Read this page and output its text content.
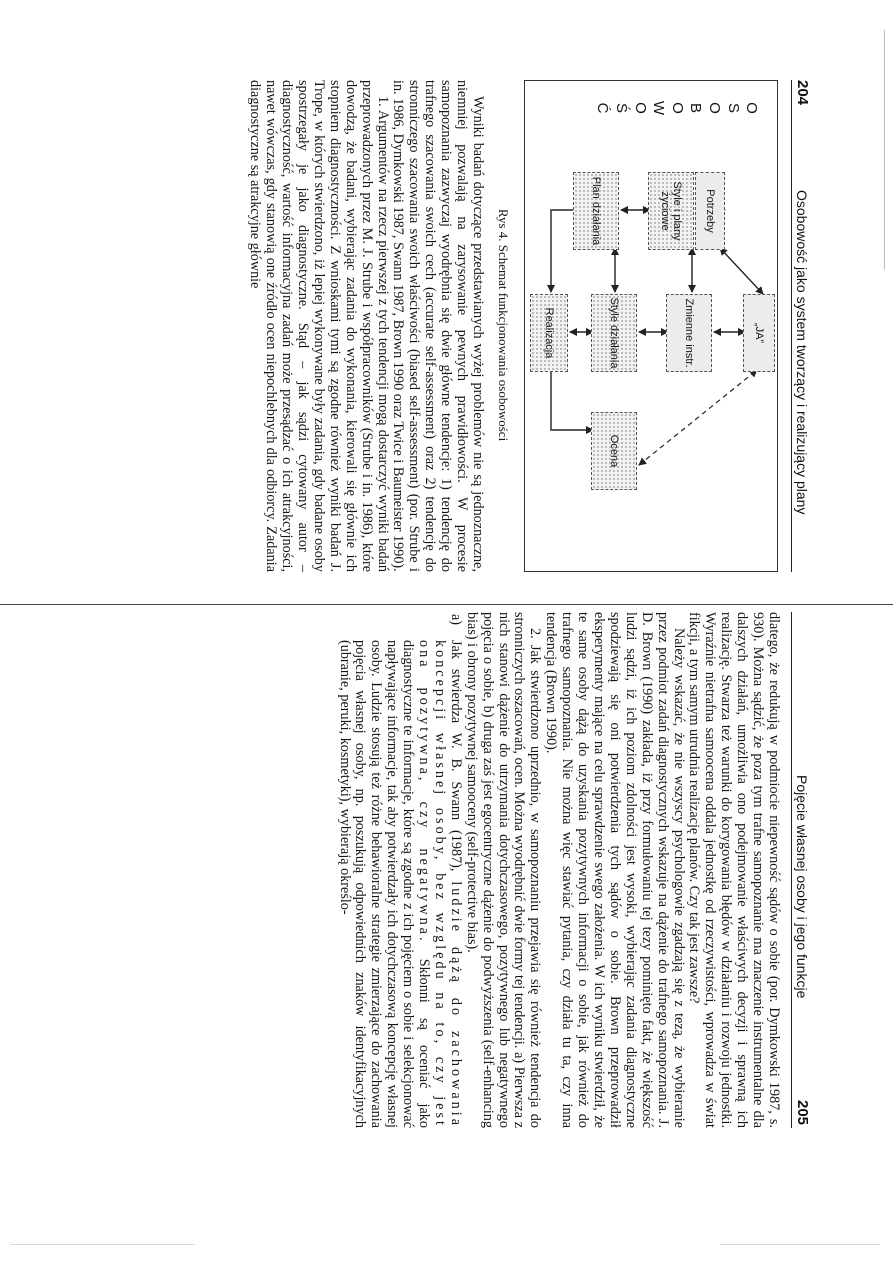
204
Osobowość jako system tworzący i realizujący plany
O
S
O
B
O
W
O
Ś
Ć
Potrzeby
Style i plany życiowe
Plan działania
„JA”
Zmienne instr.
Style działania
Realizacja
Ocena
Rys 4. Schemat funkcjonowania osobowości

Wyniki badań dotyczące przedstawianych wyżej problemów nie są jednoznaczne, niemniej pozwalają na zarysowanie pewnych prawidłowości. W procesie samopoznania zazwyczaj wyodrębnia się dwie główne tendencje: 1) tendencję do trafnego szacowania swoich cech (accurate self-assessment) oraz 2) tendencję do stronniczego szacowania swoich właściwości (biased self-assessment) (por. Strube i in. 1986, Dymkowski 1987, Swann 1987, Brown 1990 oraz Twice i Baumeister 1990).

1. Argumentów na rzecz pierwszej z tych tendencji mogą dostarczyć wyniki badań przeprowadzonych przez M. J. Strube i współpracowników (Strube i in. 1986), które dowodzą, że badani, wybierając zadania do wykonania, kierowali się głównie ich stopniem diagnostyczności. Z wnioskami tymi są zgodne również wyniki badań J. Trope, w których stwierdzono, iż lepiej wykonywane były zadania, gdy badane osoby spostrzegały je jako diagnostyczne. Stąd – jak sądzi cytowany autor – diagnostyczność, wartość informacyjna zadań może przesądzać o ich atrakcyjności, nawet wówczas, gdy stanowią one źródło ocen niepochlebnych dla odbiorcy. Zadania diagnostyczne są atrakcyjne głównie

Pojęcie własnej osoby i jego funkcje
205

dlatego, że redukują w podmiocie niepewność sądów o sobie (por. Dymkowski 1987, s. 930). Można sądzić, że poza tym trafne samopoznanie ma znaczenie instrumentalne dla dalszych działań, umożliwia ono podejmowanie właściwych decyzji i sprawną ich realizację. Stwarza też warunki do korygowania błędów w działaniu i rozwoju jednostki. Wyraźnie nietrafna samoocena oddala jednostkę od rzeczywistości, wprowadza w świat fikcji, a tym samym utrudnia realizację planów. Czy tak jest zawsze?

Należy wskazać, że nie wszyscy psychologowie zgadzają się z tezą, że wybieranie przez podmiot zadań diagnostycznych wskazuje na dążenie do trafnego samopoznania. J. D. Brown (1990) zakłada, iż przy formułowaniu tej tezy pominięto fakt, że większość ludzi sądzi, iż ich poziom zdolności jest wysoki, wybierając zadania diagnostyczne spodziewają się oni potwierdzenia tych sądów o sobie. Brown przeprowadził eksperymenty mające na celu sprawdzenie swego założenia. W ich wyniku stwierdził, że te same osoby dążą do uzyskania pozytywnych informacji o sobie, jak również do trafnego samopoznania. Nie można więc stawiać pytania, czy działa tu ta, czy inna tendencja (Brown 1990).

2. Jak stwierdzono uprzednio, w samopoznaniu przejawia się również tendencja do stronniczych oszacowań, ocen. Można wyodrębnić dwie formy tej tendencji. a) Pierwsza z nich stanowi dążenie do utrzymania dotychczasowego, pozytywnego lub negatywnego pojęcia o sobie, b) druga zaś jest egocentryczne dążenie do podwyższenia (self-enhancing bias) i obrony pozytywnej samooceny (self-protective bias).

a)
Jak stwierdza W. B. Swann (1987), ludzie dążą do zachowania koncepcji własnej osoby, bez względu na to, czy jest ona pozytywna, czy negatywna. Skłonni są oceniać jako diagnostyczne te informacje, które są zgodne z ich pojęciem o sobie i selekcjonować napływające informacje, tak aby potwierdzały ich dotychczasową koncepcję własnej osoby. Ludzie stosują też różne behawioralne strategie zmierzające do zachowania pojęcia własnej osoby, np. poszukują odpowiednich znaków identyfikacyjnych (ubranie, peruki, kosmetyki), wybierają określo-
